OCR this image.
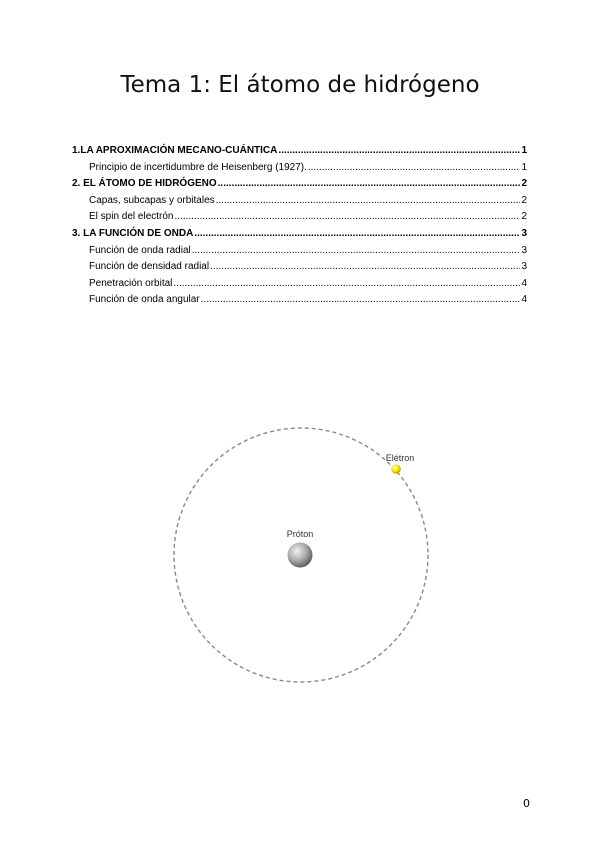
Tema 1: El átomo de hidrógeno
1.LA APROXIMACIÓN MECANO-CUÁNTICA .....	1
Principio de incertidumbre de Heisenberg (1927). .....	1
2. EL ÁTOMO DE HIDRÓGENO .....	2
Capas, subcapas y orbitales .....	2
El spin del electrón .....	2
3. LA FUNCIÓN DE ONDA .....	3
Función de onda radial .....	3
Función de densidad radial .....	3
Penetración orbital .....	4
Función de onda angular .....	4
Próton
Elétron
0
